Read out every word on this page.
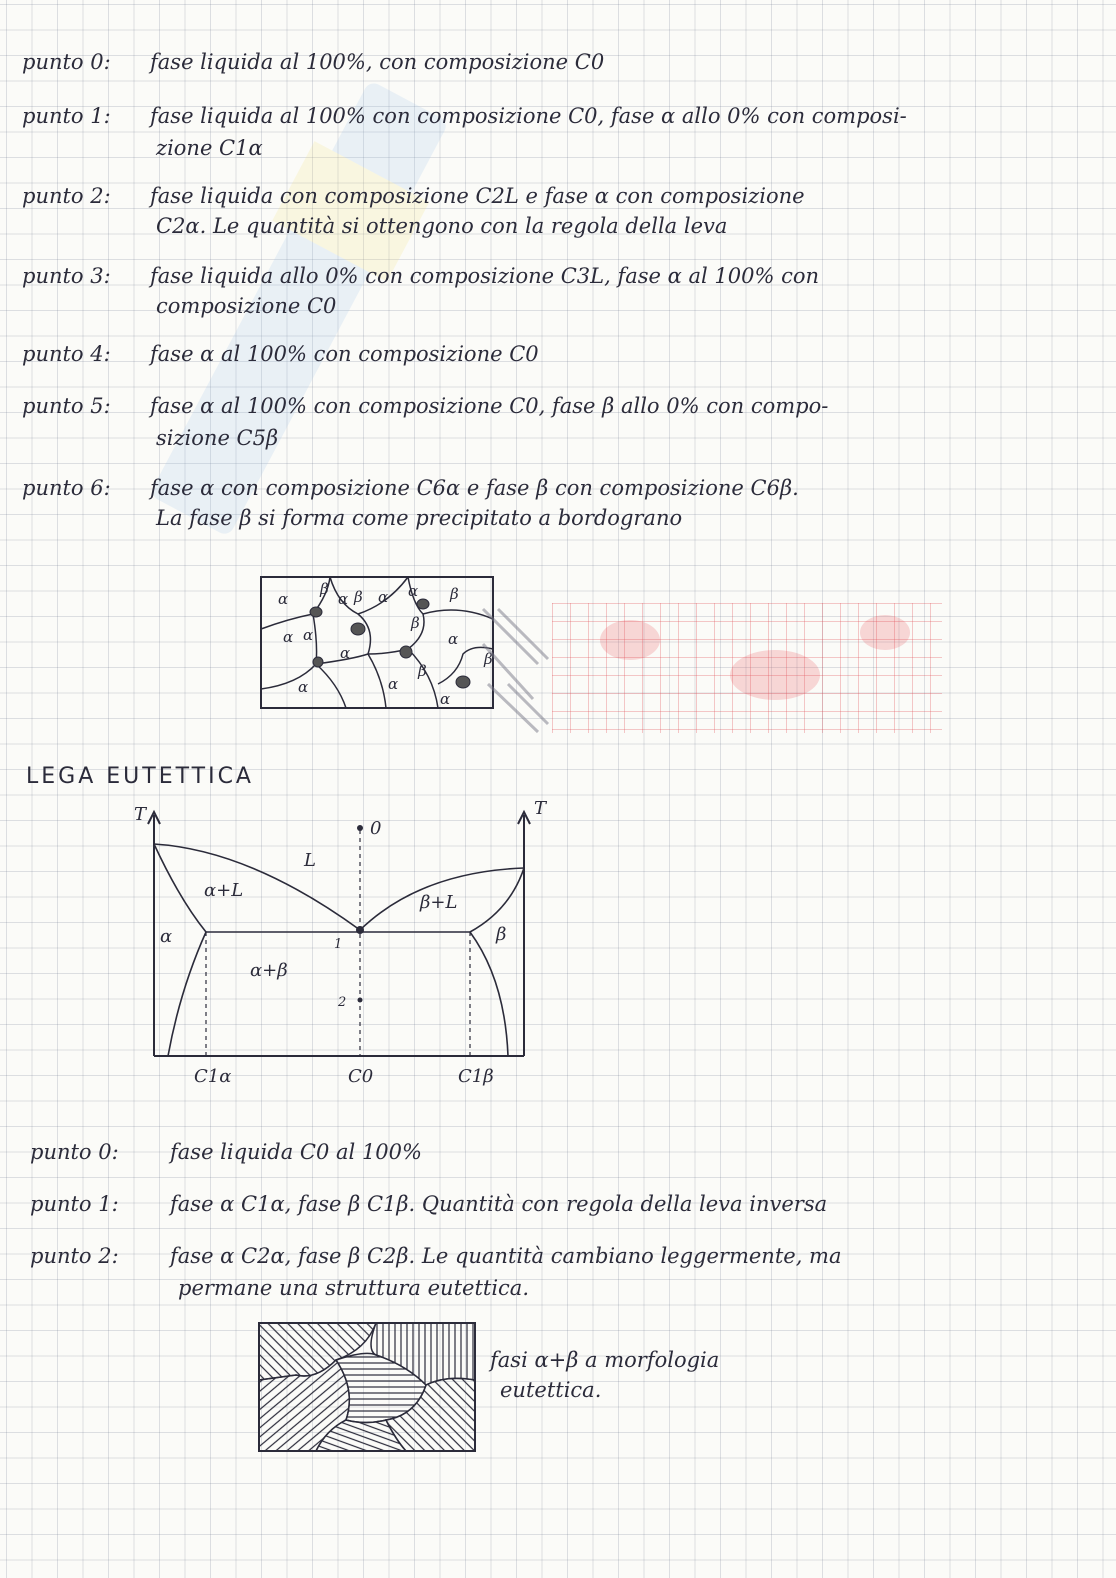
punto 0: fase liquida al 100%, con composizione C0
punto 1: fase liquida al 100% con composizione C0, fase α allo 0% con composi-
zione C1α
punto 2: fase liquida con composizione C2L e fase α con composizione
C2α. Le quantità si ottengono con la regola della leva
punto 3: fase liquida allo 0% con composizione C3L, fase α al 100% con
composizione C0
punto 4: fase α al 100% con composizione C0
punto 5: fase α al 100% con composizione C0, fase β allo 0% con compo-
sizione C5β
punto 6: fase α con composizione C6α e fase β con composizione C6β.
La fase β si forma come precipitato a bordograno
α
β
α β α α β
α α
α
β
α	α
β
α
β
α
LEGA EUTETTICA
T	T
0
1
2
L
α+L
β+L
α	β
α+β
C1α	C0	C1β
punto 0: fase liquida C0 al 100%
punto 1: fase α C1α, fase β C1β. Quantità con regola della leva inversa
punto 2: fase α C2α, fase β C2β. Le quantità cambiano leggermente, ma
permane una struttura eutettica.
fasi α+β a morfologia
eutettica.
